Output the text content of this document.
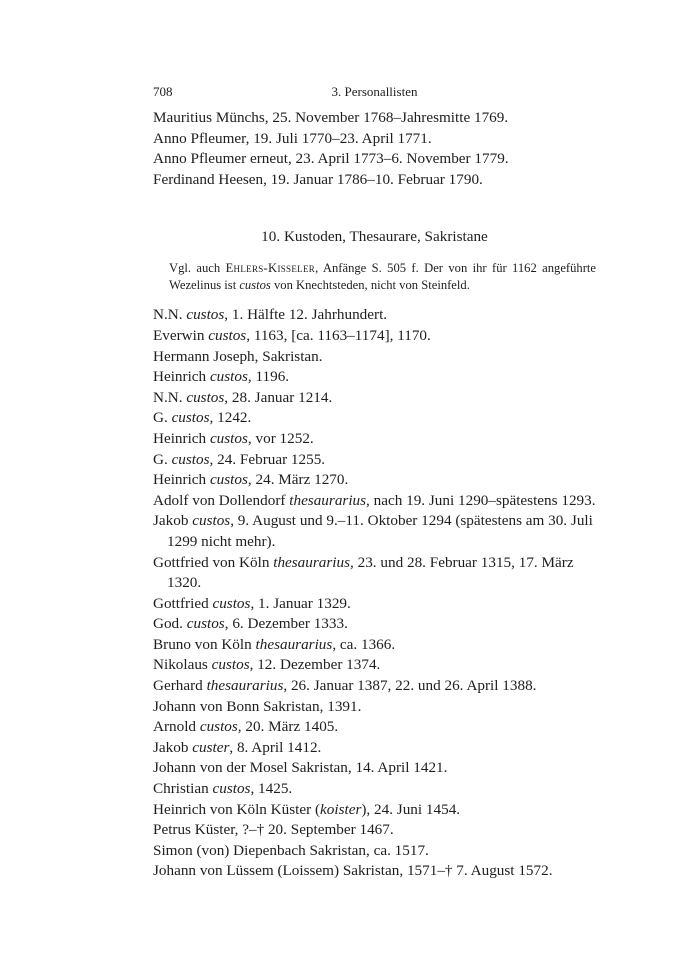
708	3. Personallisten
Mauritius Münchs, 25. November 1768–Jahresmitte 1769.
Anno Pfleumer, 19. Juli 1770–23. April 1771.
Anno Pfleumer erneut, 23. April 1773–6. November 1779.
Ferdinand Heesen, 19. Januar 1786–10. Februar 1790.
10. Kustoden, Thesaurare, Sakristane
Vgl. auch Ehlers-Kisseler, Anfänge S. 505 f. Der von ihr für 1162 angeführte Wezelinus ist custos von Knechtsteden, nicht von Steinfeld.
N.N. custos, 1. Hälfte 12. Jahrhundert.
Everwin custos, 1163, [ca. 1163–1174], 1170.
Hermann Joseph, Sakristan.
Heinrich custos, 1196.
N.N. custos, 28. Januar 1214.
G. custos, 1242.
Heinrich custos, vor 1252.
G. custos, 24. Februar 1255.
Heinrich custos, 24. März 1270.
Adolf von Dollendorf thesaurarius, nach 19. Juni 1290–spätestens 1293.
Jakob custos, 9. August und 9.–11. Oktober 1294 (spätestens am 30. Juli 1299 nicht mehr).
Gottfried von Köln thesaurarius, 23. und 28. Februar 1315, 17. März 1320.
Gottfried custos, 1. Januar 1329.
God. custos, 6. Dezember 1333.
Bruno von Köln thesaurarius, ca. 1366.
Nikolaus custos, 12. Dezember 1374.
Gerhard thesaurarius, 26. Januar 1387, 22. und 26. April 1388.
Johann von Bonn Sakristan, 1391.
Arnold custos, 20. März 1405.
Jakob custer, 8. April 1412.
Johann von der Mosel Sakristan, 14. April 1421.
Christian custos, 1425.
Heinrich von Köln Küster (koister), 24. Juni 1454.
Petrus Küster, ?–† 20. September 1467.
Simon (von) Diepenbach Sakristan, ca. 1517.
Johann von Lüssem (Loissem) Sakristan, 1571–† 7. August 1572.
